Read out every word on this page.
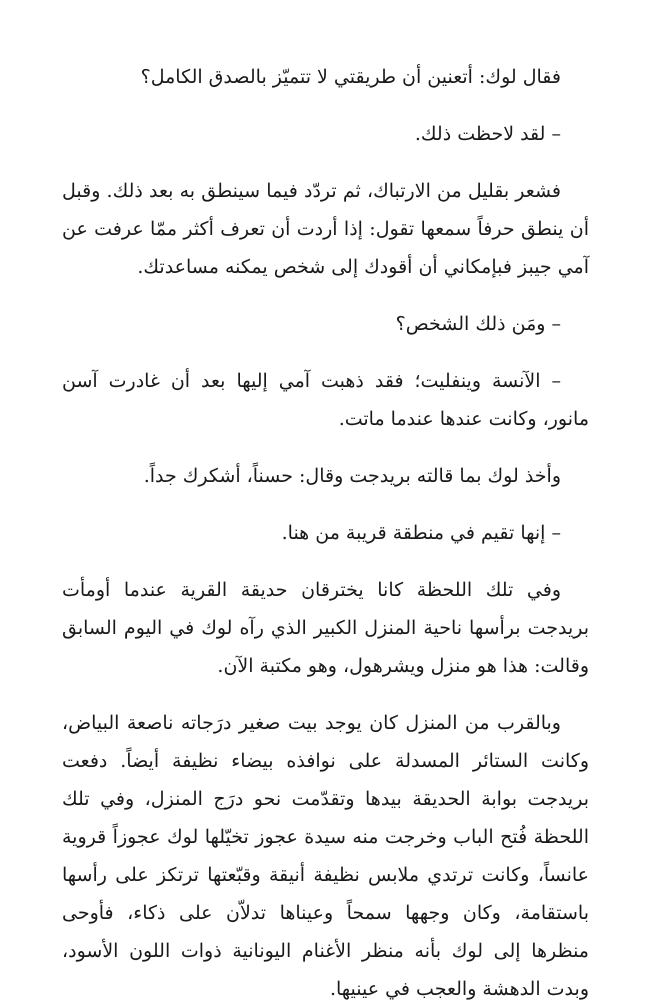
فقال لوك: أتعنين أن طريقتي لا تتميّز بالصدق الكامل؟

– لقد لاحظت ذلك.

فشعر بقليل من الارتباك، ثم تردّد فيما سينطق به بعد ذلك. وقبل أن ينطق حرفاً سمعها تقول: إذا أردت أن تعرف أكثر ممّا عرفت عن آمي جيبز فبإمكاني أن أقودك إلى شخص يمكنه مساعدتك.

– ومَن ذلك الشخص؟

– الآنسة وينفليت؛ فقد ذهبت آمي إليها بعد أن غادرت آسن مانور، وكانت عندها عندما ماتت.

وأخذ لوك بما قالته بريدجت وقال: حسناً، أشكرك جداً.

– إنها تقيم في منطقة قريبة من هنا.

وفي تلك اللحظة كانا يخترقان حديقة القرية عندما أومأت بريدجت برأسها ناحية المنزل الكبير الذي رآه لوك في اليوم السابق وقالت: هذا هو منزل ويشرهول، وهو مكتبة الآن.

وبالقرب من المنزل كان يوجد بيت صغير درَجاته ناصعة البياض، وكانت الستائر المسدلة على نوافذه بيضاء نظيفة أيضاً. دفعت بريدجت بوابة الحديقة بيدها وتقدّمت نحو درَج المنزل، وفي تلك اللحظة فُتح الباب وخرجت منه سيدة عجوز تخيّلها لوك عجوزاً قروية عانساً، وكانت ترتدي ملابس نظيفة أنيقة وقبّعتها ترتكز على رأسها باستقامة، وكان وجهها سمحاً وعيناها تدلاّن على ذكاء، فأوحى منظرها إلى لوك بأنه منظر الأغنام اليونانية ذوات اللون الأسود، وبدت الدهشة والعجب في عينيها.
